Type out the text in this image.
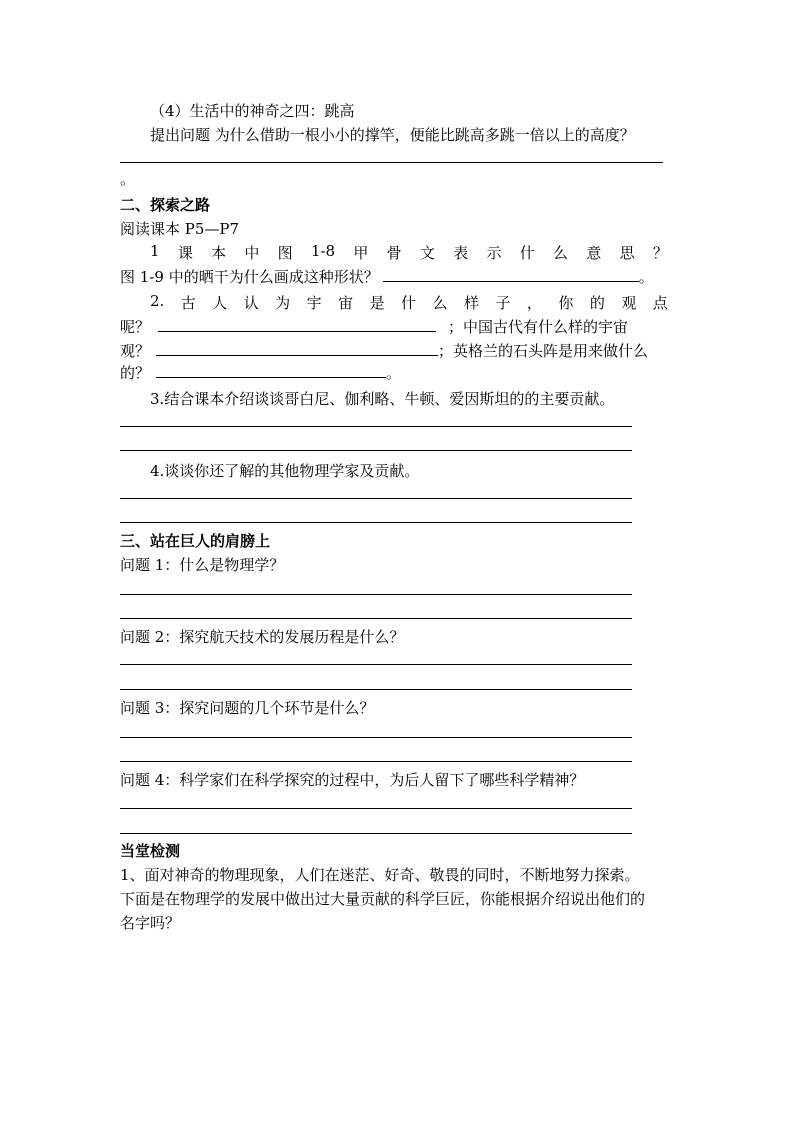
（4）生活中的神奇之四：跳高
提出问题 为什么借助一根小小的撑竿，便能比跳高多跳一倍以上的高度？
。
二、探索之路
阅读课本 P5—P7
1 课 本 中 图 1-8 甲 骨 文 表 示 什 么 意 思 ？
图 1-9 中的晒干为什么画成这种形状？	。
2. 古 人 认 为 宇 宙 是 什 么 样 子 ， 你 的 观 点
呢？	；中国古代有什么样的宇宙
观？	；英格兰的石头阵是用来做什么
的？	。
3.结合课本介绍谈谈哥白尼、伽利略、牛顿、爱因斯坦的的主要贡献。
4.谈谈你还了解的其他物理学家及贡献。
三、站在巨人的肩膀上
问题 1：什么是物理学？
问题 2：探究航天技术的发展历程是什么？
问题 3：探究问题的几个环节是什么？
问题 4：科学家们在科学探究的过程中，为后人留下了哪些科学精神？
当堂检测
1、面对神奇的物理现象，人们在迷茫、好奇、敬畏的同时，不断地努力探索。
下面是在物理学的发展中做出过大量贡献的科学巨匠，你能根据介绍说出他们的
名字吗？
